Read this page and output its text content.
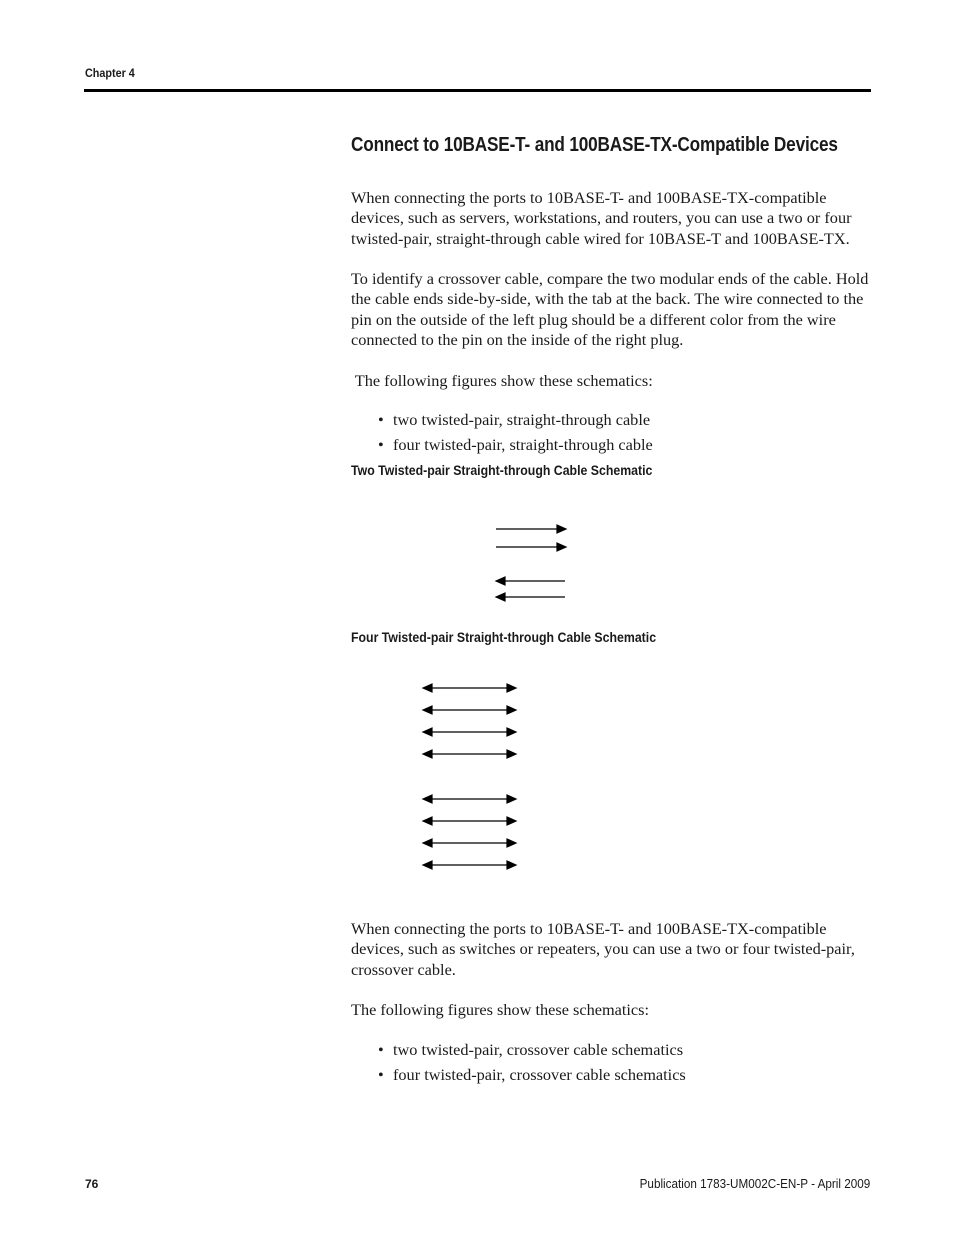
Chapter 4
Connect to 10BASE-T- and 100BASE-TX-Compatible Devices

When connecting the ports to 10BASE-T- and 100BASE-TX-compatible devices, such as servers, workstations, and routers, you can use a two or four twisted-pair, straight-through cable wired for 10BASE-T and 100BASE-TX.

To identify a crossover cable, compare the two modular ends of the cable. Hold the cable ends side-by-side, with the tab at the back. The wire connected to the pin on the outside of the left plug should be a different color from the wire connected to the pin on the inside of the right plug.

The following figures show these schematics:

• two twisted-pair, straight-through cable
• four twisted-pair, straight-through cable
Two Twisted-pair Straight-through Cable Schematic
Four Twisted-pair Straight-through Cable Schematic

When connecting the ports to 10BASE-T- and 100BASE-TX-compatible devices, such as switches or repeaters, you can use a two or four twisted-pair, crossover cable.

The following figures show these schematics:

• two twisted-pair, crossover cable schematics
• four twisted-pair, crossover cable schematics
76	Publication 1783-UM002C-EN-P - April 2009
